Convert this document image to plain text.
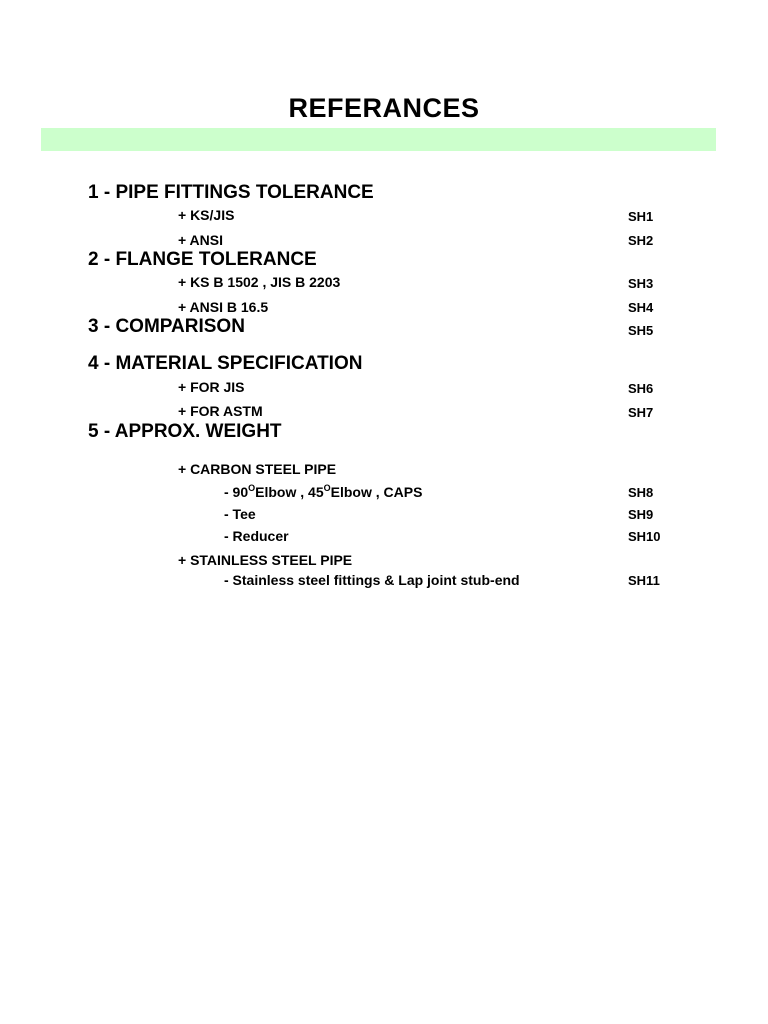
REFERANCES
1 - PIPE FITTINGS TOLERANCE
+ KS/JIS	SH1
+ ANSI	SH2
2 - FLANGE TOLERANCE
+ KS B 1502 , JIS B 2203	SH3
+ ANSI B 16.5	SH4
3 - COMPARISON	SH5
4 - MATERIAL SPECIFICATION
+ FOR JIS	SH6
+ FOR ASTM	SH7
5 - APPROX. WEIGHT
+ CARBON STEEL PIPE
- $90^OElbow$ , $45^OElbow$ , CAPS	SH8
- Tee	SH9
- Reducer	SH10
+ STAINLESS STEEL PIPE
- Stainless steel fittings & Lap joint stub-end	SH11
